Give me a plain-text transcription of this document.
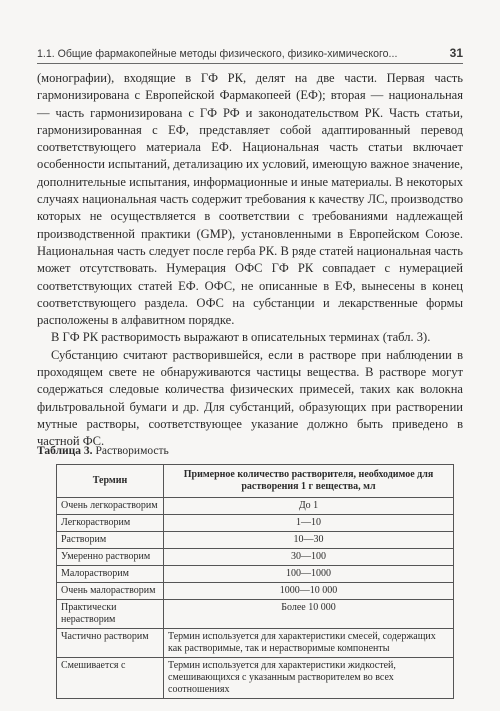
1.1. Общие фармакопейные методы физического, физико-химического...	31

(монографии), входящие в ГФ РК, делят на две части. Первая часть гармонизирована с Европейской Фармакопеей (ЕФ); вторая — национальная — часть гармонизирована с ГФ РФ и законодательством РК. Часть статьи, гармонизированная с ЕФ, представляет собой адаптированный перевод соответствующего материала ЕФ. Национальная часть статьи включает особенности испытаний, детализацию их условий, имеющую важное значение, дополнительные испытания, информационные и иные материалы. В некоторых случаях национальная часть содержит требования к качеству ЛС, производство которых не осуществляется в соответствии с требованиями надлежащей производственной практики (GMP), установленными в Европейском Союзе. Национальная часть следует после герба РК. В ряде статей национальная часть может отсутствовать. Нумерация ОФС ГФ РК совпадает с нумерацией соответствующих статей ЕФ. ОФС, не описанные в ЕФ, вынесены в конец соответствующего раздела. ОФС на субстанции и лекарственные формы расположены в алфавитном порядке.

В ГФ РК растворимость выражают в описательных терминах (табл. 3).

Субстанцию считают растворившейся, если в растворе при наблюдении в проходящем свете не обнаруживаются частицы вещества. В растворе могут содержаться следовые количества физических примесей, таких как волокна фильтровальной бумаги и др. Для субстанций, образующих при растворении мутные растворы, соответствующее указание должно быть приведено в частной ФС.

Таблица 3. Растворимость
Термин	Примерное количество растворителя, необходимое для растворения 1 г вещества, мл
Очень легкорастворим	До 1
Легкорастворим	1—10
Растворим	10—30
Умеренно растворим	30—100
Малорастворим	100—1000
Очень малорастворим	1000—10 000
Практически нерастворим	Более 10 000
Частично растворим	Термин используется для характеристики смесей, содержащих как растворимые, так и нерастворимые компоненты
Смешивается с	Термин используется для характеристики жидкостей, смешивающихся с указанным растворителем во всех соотношениях
